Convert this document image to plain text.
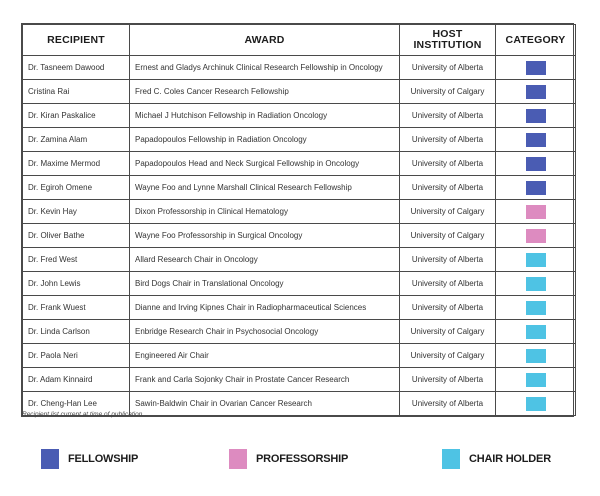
RECIPIENT	AWARD	HOST
INSTITUTION	CATEGORY
Dr. Tasneem Dawood	Ernest and Gladys Archinuk Clinical Research Fellowship in Oncology	University of Alberta	
Cristina Rai	Fred C. Coles Cancer Research Fellowship	University of Calgary	
Dr. Kiran Paskalice	Michael J Hutchison Fellowship in Radiation Oncology	University of Alberta	
Dr. Zamina Alam	Papadopoulos Fellowship in Radiation Oncology	University of Alberta	
Dr. Maxime Mermod	Papadopoulos Head and Neck Surgical Fellowship in Oncology	University of Alberta	
Dr. Egiroh Omene	Wayne Foo and Lynne Marshall Clinical Research Fellowship	University of Alberta	
Dr. Kevin Hay	Dixon Professorship in Clinical Hematology	University of Calgary	
Dr. Oliver Bathe	Wayne Foo Professorship in Surgical Oncology	University of Calgary	
Dr. Fred West	Allard Research Chair in Oncology	University of Alberta	
Dr. John Lewis	Bird Dogs Chair in Translational Oncology	University of Alberta	
Dr. Frank Wuest	Dianne and Irving Kipnes Chair in Radiopharmaceutical Sciences	University of Alberta	
Dr. Linda Carlson	Enbridge Research Chair in Psychosocial Oncology	University of Calgary	
Dr. Paola Neri	Engineered Air Chair	University of Calgary	
Dr. Adam Kinnaird	Frank and Carla Sojonky Chair in Prostate Cancer Research	University of Alberta	
Dr. Cheng-Han Lee	Sawin-Baldwin Chair in Ovarian Cancer Research	University of Alberta	
Recipient list current at time of publication.
FELLOWSHIP	PROFESSORSHIP	CHAIR HOLDER
